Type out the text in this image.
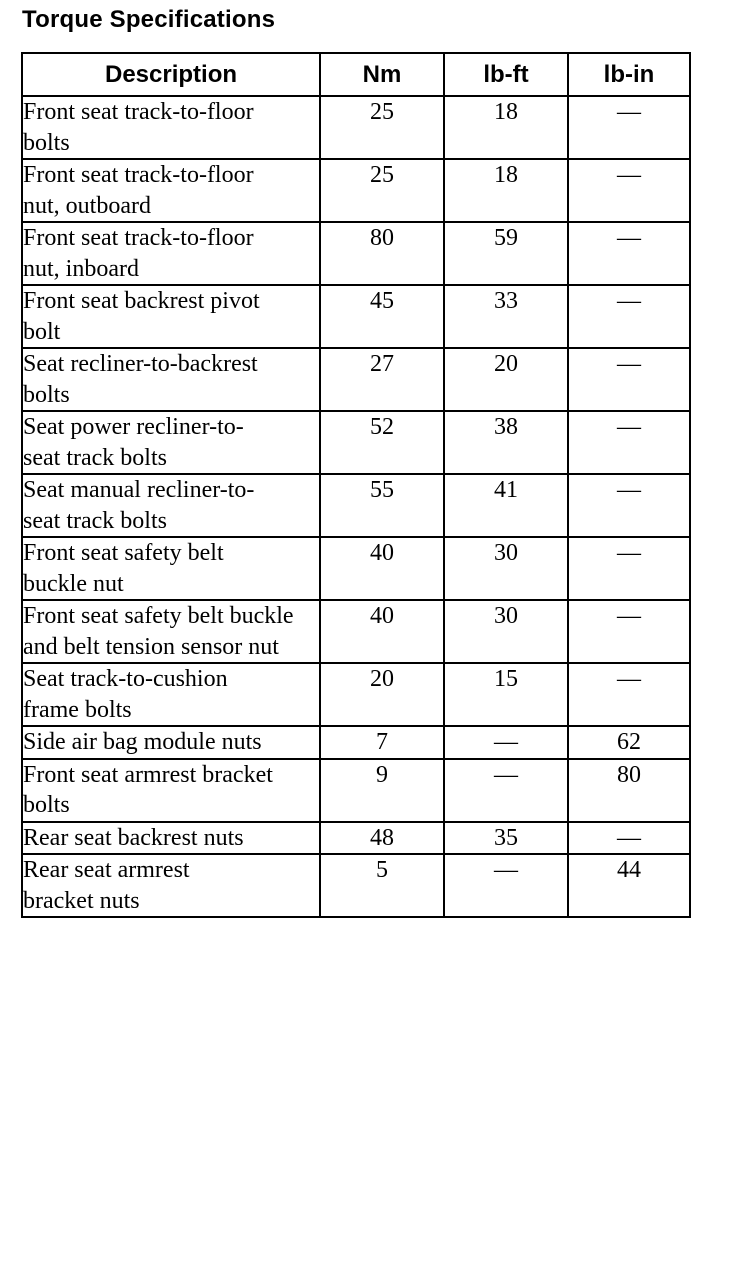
Torque Specifications
Description	Nm	lb-ft	lb-in

Front seat track-to-floor bolts	25	18	—

Front seat track-to-floor nut, outboard	25	18	—

Front seat track-to-floor nut, inboard	80	59	—

Front seat backrest pivot bolt	45	33	—

Seat recliner-to-backrest bolts	27	20	—

Seat power recliner-to-seat track bolts	52	38	—

Seat manual recliner-to-seat track bolts	55	41	—

Front seat safety belt buckle nut	40	30	—

Front seat safety belt buckle and belt tension sensor nut	40	30	—

Seat track-to-cushion frame bolts	20	15	—

Side air bag module nuts	7	—	62

Front seat armrest bracket bolts	9	—	80

Rear seat backrest nuts	48	35	—

Rear seat armrest bracket nuts	5	—	44
